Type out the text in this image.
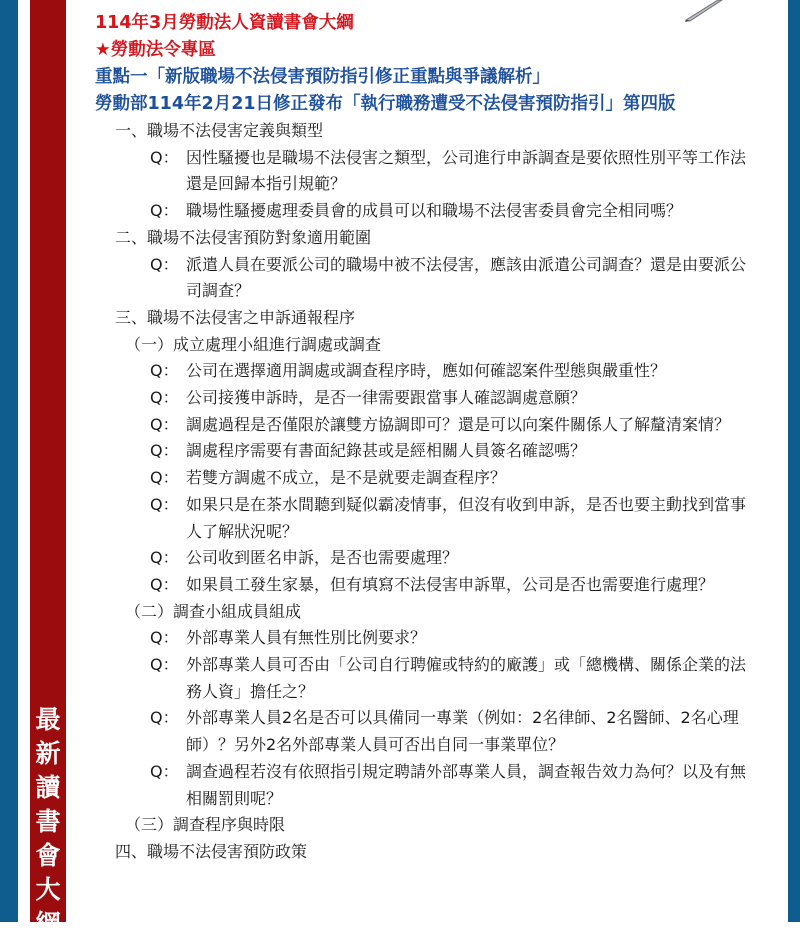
最新讀書會大綱
114年3月勞動法人資讀書會大綱
★勞動法令專區
重點一「新版職場不法侵害預防指引修正重點與爭議解析」
勞動部114年2月21日修正發布「執行職務遭受不法侵害預防指引」第四版
一、職場不法侵害定義與類型
Q： 因性騷擾也是職場不法侵害之類型，公司進行申訴調查是要依照性別平等工作法還是回歸本指引規範？
Q： 職場性騷擾處理委員會的成員可以和職場不法侵害委員會完全相同嗎？
二、職場不法侵害預防對象適用範圍
Q： 派遣人員在要派公司的職場中被不法侵害，應該由派遣公司調查？還是由要派公司調查？
三、職場不法侵害之申訴通報程序
（一）成立處理小組進行調處或調查
Q： 公司在選擇適用調處或調查程序時，應如何確認案件型態與嚴重性？
Q： 公司接獲申訴時，是否一律需要跟當事人確認調處意願？
Q： 調處過程是否僅限於讓雙方協調即可？還是可以向案件關係人了解釐清案情？
Q： 調處程序需要有書面紀錄甚或是經相關人員簽名確認嗎？
Q： 若雙方調處不成立，是不是就要走調查程序？
Q： 如果只是在茶水間聽到疑似霸凌情事，但沒有收到申訴，是否也要主動找到當事人了解狀況呢？
Q： 公司收到匿名申訴，是否也需要處理？
Q： 如果員工發生家暴，但有填寫不法侵害申訴單，公司是否也需要進行處理？
（二）調查小組成員組成
Q： 外部專業人員有無性別比例要求？
Q： 外部專業人員可否由「公司自行聘僱或特約的廠護」或「總機構、關係企業的法務人資」擔任之？
Q： 外部專業人員2名是否可以具備同一專業（例如：2名律師、2名醫師、2名心理師）？另外2名外部專業人員可否出自同一事業單位？
Q： 調查過程若沒有依照指引規定聘請外部專業人員，調查報告效力為何？以及有無相關罰則呢？
（三）調查程序與時限
四、職場不法侵害預防政策
